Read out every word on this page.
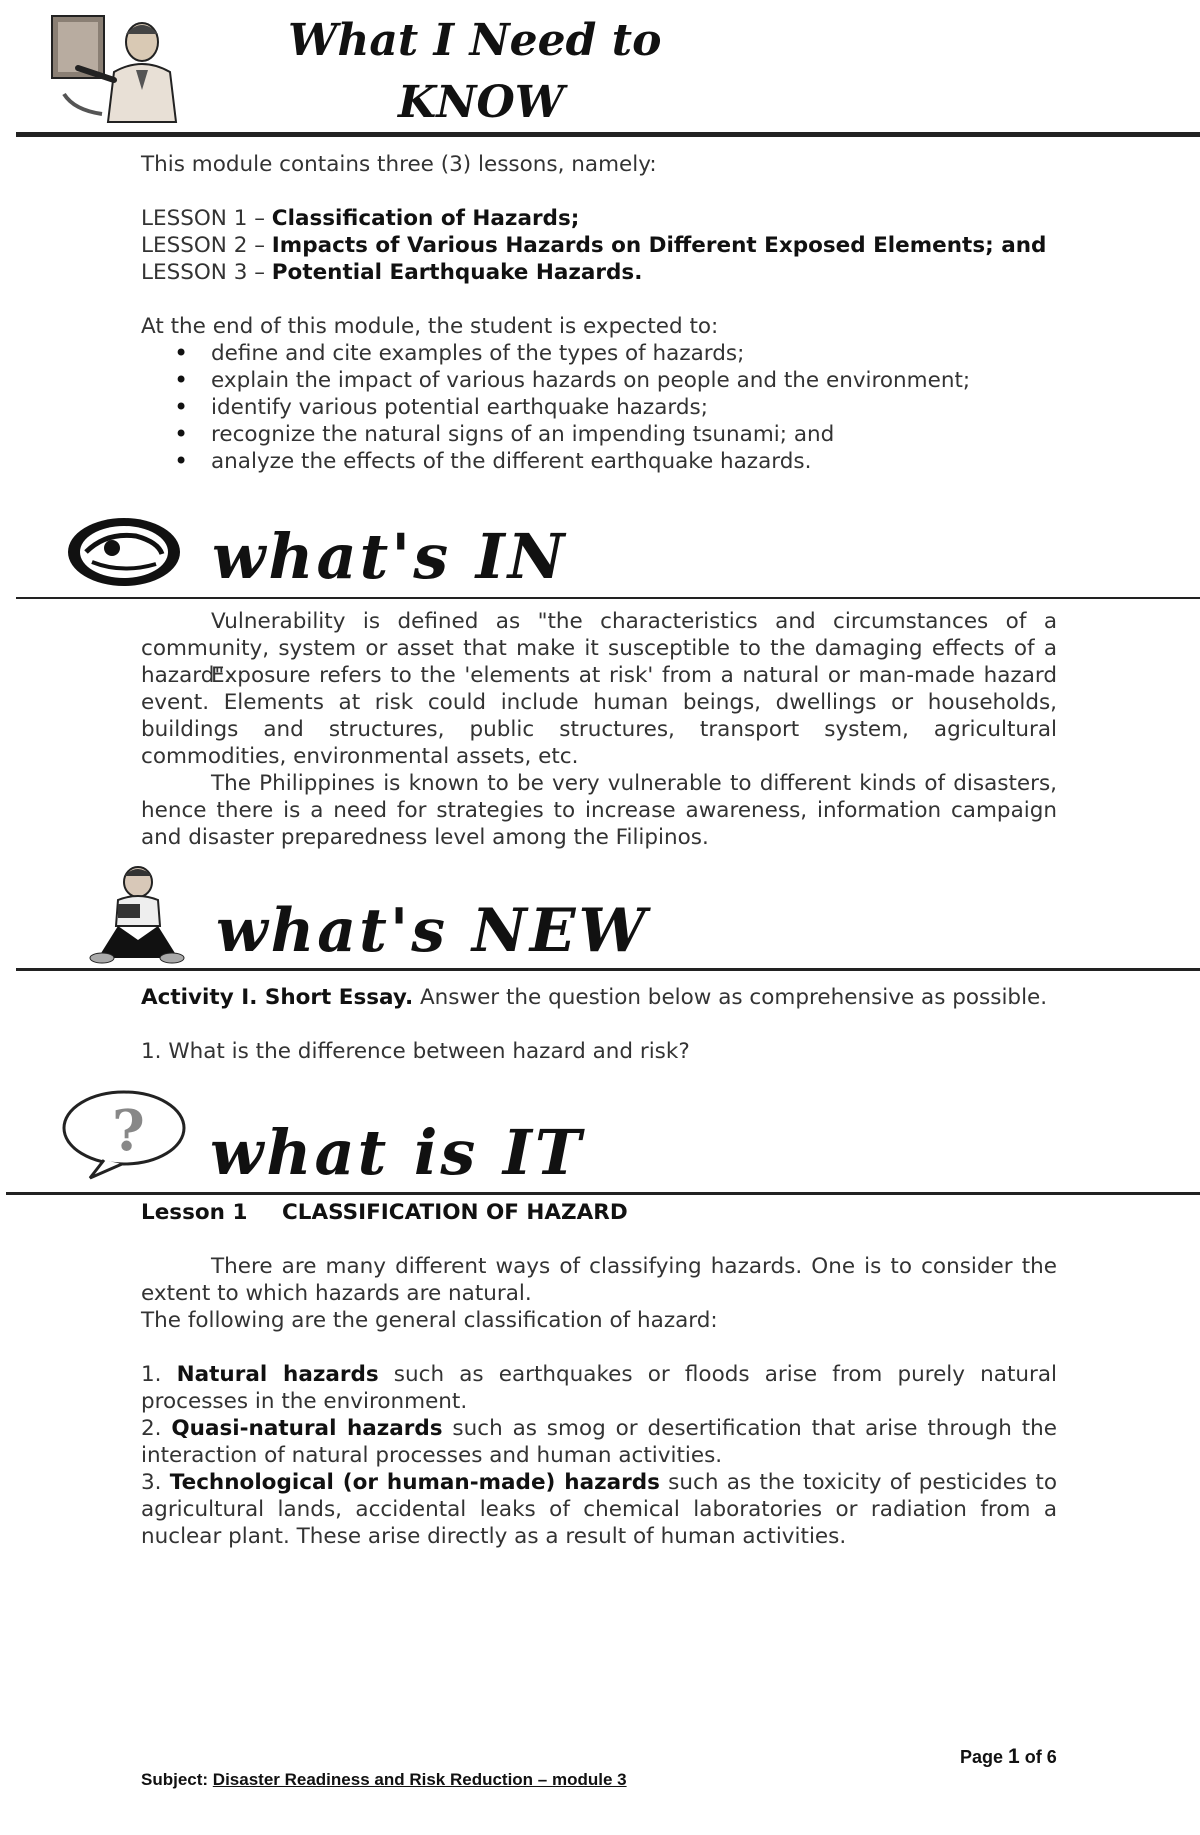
What I Need to
KNOW
This module contains three (3) lessons, namely:
LESSON 1 – Classification of Hazards;
LESSON 2 – Impacts of Various Hazards on Different Exposed Elements; and
LESSON 3 – Potential Earthquake Hazards.
At the end of this module, the student is expected to:
• define and cite examples of the types of hazards;
• explain the impact of various hazards on people and the environment;
• identify various potential earthquake hazards;
• recognize the natural signs of an impending tsunami; and
• analyze the effects of the different earthquake hazards.
what's IN
Vulnerability is defined as "the characteristics and circumstances of a community, system or asset that make it susceptible to the damaging effects of a hazard".
Exposure refers to the 'elements at risk' from a natural or man-made hazard event. Elements at risk could include human beings, dwellings or households, buildings and structures, public structures, transport system, agricultural commodities, environmental assets, etc.
The Philippines is known to be very vulnerable to different kinds of disasters, hence there is a need for strategies to increase awareness, information campaign and disaster preparedness level among the Filipinos.
what's NEW
Activity I. Short Essay. Answer the question below as comprehensive as possible.
1. What is the difference between hazard and risk?
? what is IT
Lesson 1 CLASSIFICATION OF HAZARD
There are many different ways of classifying hazards. One is to consider the extent to which hazards are natural.
The following are the general classification of hazard:
1. Natural hazards such as earthquakes or floods arise from purely natural processes in the environment.
2. Quasi-natural hazards such as smog or desertification that arise through the interaction of natural processes and human activities.
3. Technological (or human-made) hazards such as the toxicity of pesticides to agricultural lands, accidental leaks of chemical laboratories or radiation from a nuclear plant. These arise directly as a result of human activities.
Page 1 of 6
Subject: Disaster Readiness and Risk Reduction – module 3
